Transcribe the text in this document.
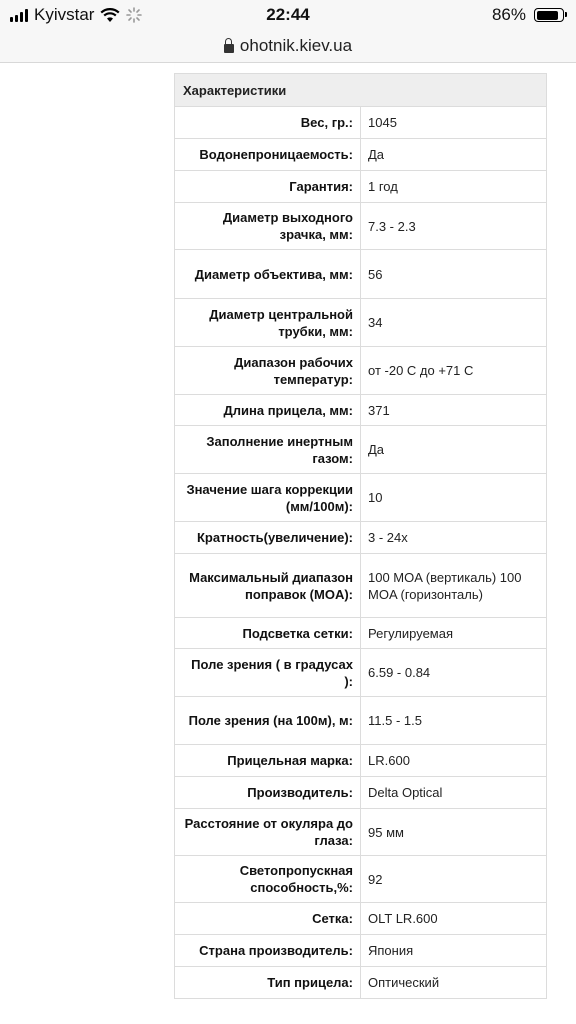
Kyivstar	22:44	86%
ohotnik.kiev.ua
Характеристики	
Вес, гр.:	1045
Водонепроницаемость:	Да
Гарантия:	1 год
Диаметр выходного зрачка, мм:	7.3 - 2.3
Диаметр объектива, мм:	56
Диаметр центральной трубки, мм:	34
Диапазон рабочих температур:	от -20 С до +71 С
Длина прицела, мм:	371
Заполнение инертным газом:	Да
Значение шага коррекции (мм/100м):	10
Кратность(увеличение):	3 - 24x
Максимальный диапазон поправок (MOA):	100 MOA (вертикаль) 100 MOA (горизонталь)
Подсветка сетки:	Регулируемая
Поле зрения ( в градусах ):	6.59 - 0.84
Поле зрения (на 100м), м:	11.5 - 1.5
Прицельная марка:	LR.600
Производитель:	Delta Optical
Расстояние от окуляра до глаза:	95 мм
Светопропускная способность,%:	92
Сетка:	OLT LR.600
Страна производитель:	Япония
Тип прицела:	Оптический
